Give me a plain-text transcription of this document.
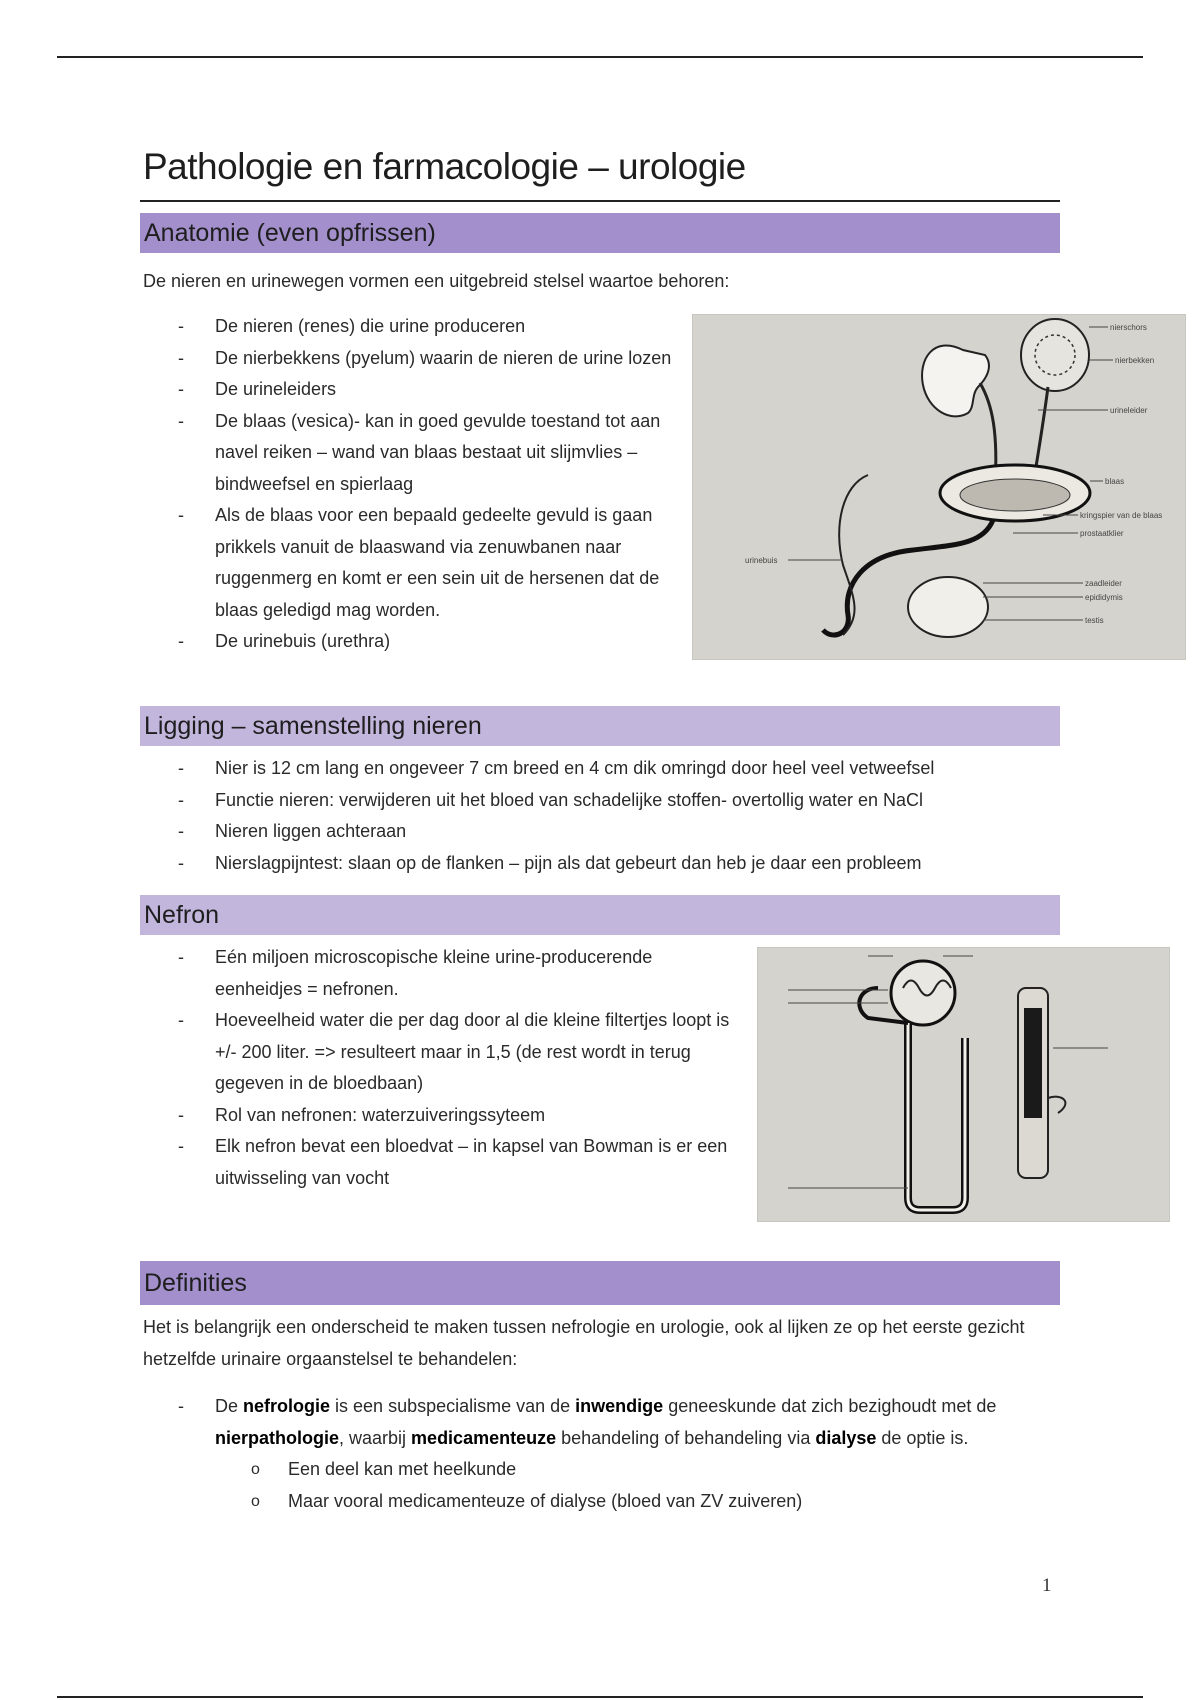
Pathologie en farmacologie – urologie
Anatomie (even opfrissen)

De nieren en urinewegen vormen een uitgebreid stelsel waartoe behoren:

- De nieren (renes) die urine produceren
- De nierbekkens (pyelum) waarin de nieren de urine lozen
- De urineleiders
- De blaas (vesica)- kan in goed gevulde toestand tot aan navel reiken – wand van blaas bestaat uit slijmvlies – bindweefsel en spierlaag
- Als de blaas voor een bepaald gedeelte gevuld is gaan prikkels vanuit de blaaswand via zenuwbanen naar ruggenmerg en komt er een sein uit de hersenen dat de blaas geledigd mag worden.
- De urinebuis (urethra)
nierschors
nierbekken
urineleider
blaas
kringspier van de blaas
prostaatklier
urinebuis
zaadleider
epididymis
testis
Ligging – samenstelling nieren
- Nier is 12 cm lang en ongeveer 7 cm breed en 4 cm dik omringd door heel veel vetweefsel
- Functie nieren: verwijderen uit het bloed van schadelijke stoffen- overtollig water en NaCl
- Nieren liggen achteraan
- Nierslagpijntest: slaan op de flanken – pijn als dat gebeurt dan heb je daar een probleem
Nefron
- Eén miljoen microscopische kleine urine-producerende eenheidjes = nefronen.
- Hoeveelheid water die per dag door al die kleine filtertjes loopt is +/- 200 liter. => resulteert maar in 1,5 (de rest wordt in terug gegeven in de bloedbaan)
- Rol van nefronen: waterzuiveringssyteem
- Elk nefron bevat een bloedvat – in kapsel van Bowman is er een uitwisseling van vocht
Definities

Het is belangrijk een onderscheid te maken tussen nefrologie en urologie, ook al lijken ze op het eerste gezicht hetzelfde urinaire orgaanstelsel te behandelen:

- De nefrologie is een subspecialisme van de inwendige geneeskunde dat zich bezighoudt met de nierpathologie, waarbij medicamenteuze behandeling of behandeling via dialyse de optie is.
o Een deel kan met heelkunde
o Maar vooral medicamenteuze of dialyse (bloed van ZV zuiveren)
1
